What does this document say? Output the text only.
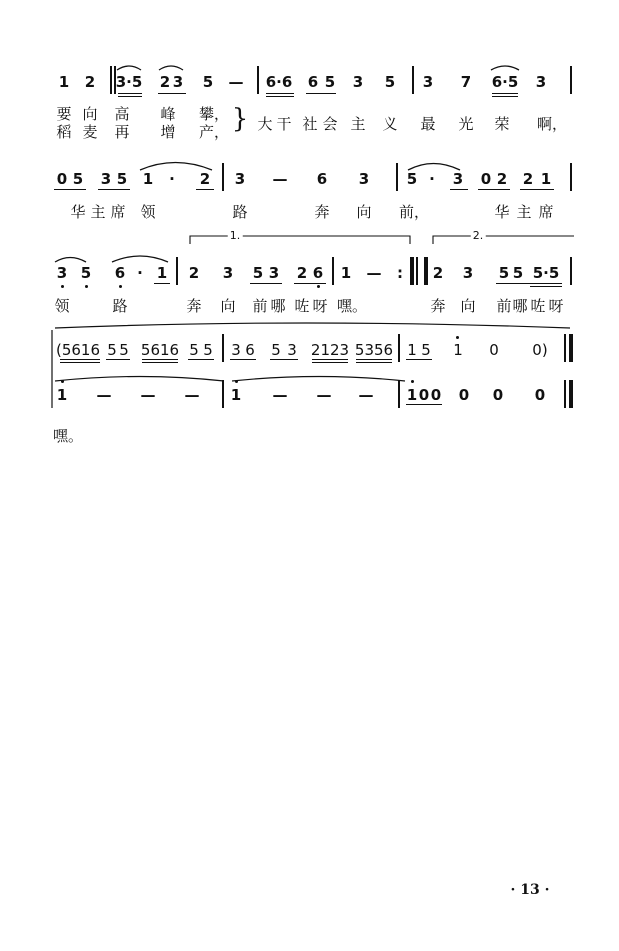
1 2 3·5 2 3 5 — 6·6 6 5 3 5 3 7 6·5 3
要 向 高 峰 攀，
稻 麦 再 增 产， } 大 干 社 会 主 义 最 光 荣 啊，
0 5 3 5 1 · 2 3 — 6 3	5 · 3 0 2 2 1
华 主 席 领	路	奔 向 前，	华 主 席
1.	2.
3 5 6 · 1 2 3 5 3 2 6 1 — : 2 3 5 5 5·5
领	路	奔 向 前 哪 咗 呀 嘿。	奔 向 前 哪 咗 呀
(5616 5 5 5616 5 5 3 6 5 3 2123 5356 1 5 1 0 0)
1 — — — 1 — — — 1 0 0 0 0 0
嘿。
· 13 ·
